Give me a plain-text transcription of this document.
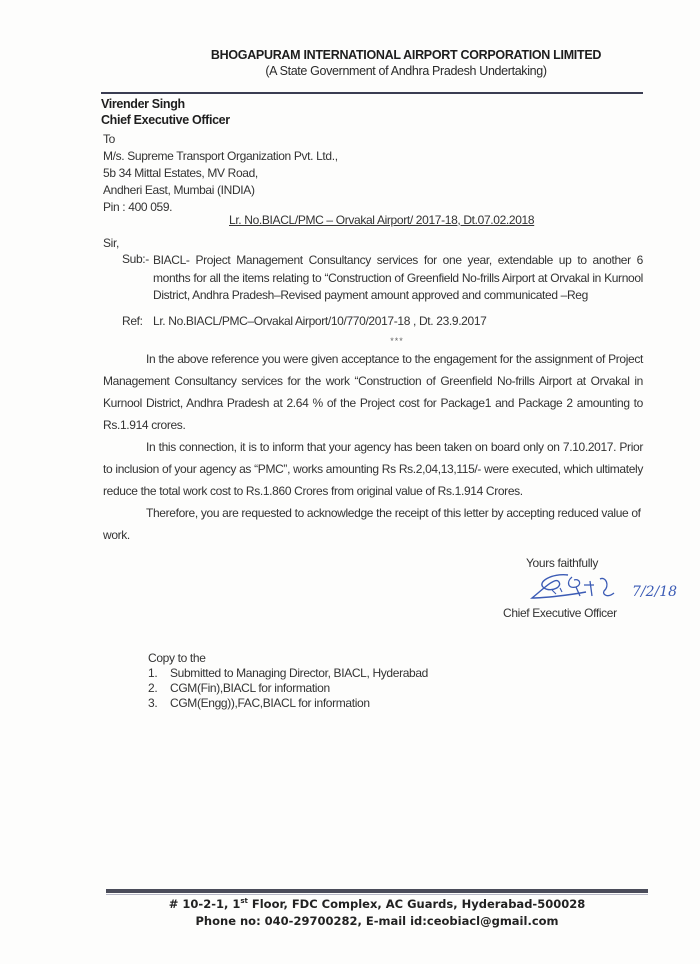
BHOGAPURAM INTERNATIONAL AIRPORT CORPORATION LIMITED
(A State Government of Andhra Pradesh Undertaking)
Virender Singh
Chief Executive Officer
To
M/s. Supreme Transport Organization Pvt. Ltd.,
5b 34 Mittal Estates, MV Road,
Andheri East, Mumbai (INDIA)
Pin : 400 059.
Lr. No.BIACL/PMC – Orvakal Airport/ 2017-18, Dt.07.02.2018
Sir,
Sub:- BIACL- Project Management Consultancy services for one year, extendable up to another 6 months for all the items relating to “Construction of Greenfield No-frills Airport at Orvakal in Kurnool District, Andhra Pradesh–Revised payment amount approved and communicated –Reg
Ref: Lr. No.BIACL/PMC–Orvakal Airport/10/770/2017-18 , Dt. 23.9.2017
***
In the above reference you were given acceptance to the engagement for the assignment of Project Management Consultancy services for the work “Construction of Greenfield No-frills Airport at Orvakal in Kurnool District, Andhra Pradesh at 2.64 % of the Project cost for Package1 and Package 2 amounting to Rs.1.914 crores.
In this connection, it is to inform that your agency has been taken on board only on 7.10.2017. Prior to inclusion of your agency as “PMC”, works amounting Rs Rs.2,04,13,115/- were executed, which ultimately reduce the total work cost to Rs.1.860 Crores from original value of Rs.1.914 Crores.
Therefore, you are requested to acknowledge the receipt of this letter by accepting reduced value of work.
Yours faithfully
7/2/18
Chief Executive Officer
Copy to the
1. Submitted to Managing Director, BIACL, Hyderabad
2. CGM(Fin),BIACL for information
3. CGM(Engg)),FAC,BIACL for information
# 10-2-1, 1st Floor, FDC Complex, AC Guards, Hyderabad-500028
Phone no: 040-29700282, E-mail id:ceobiacl@gmail.com
